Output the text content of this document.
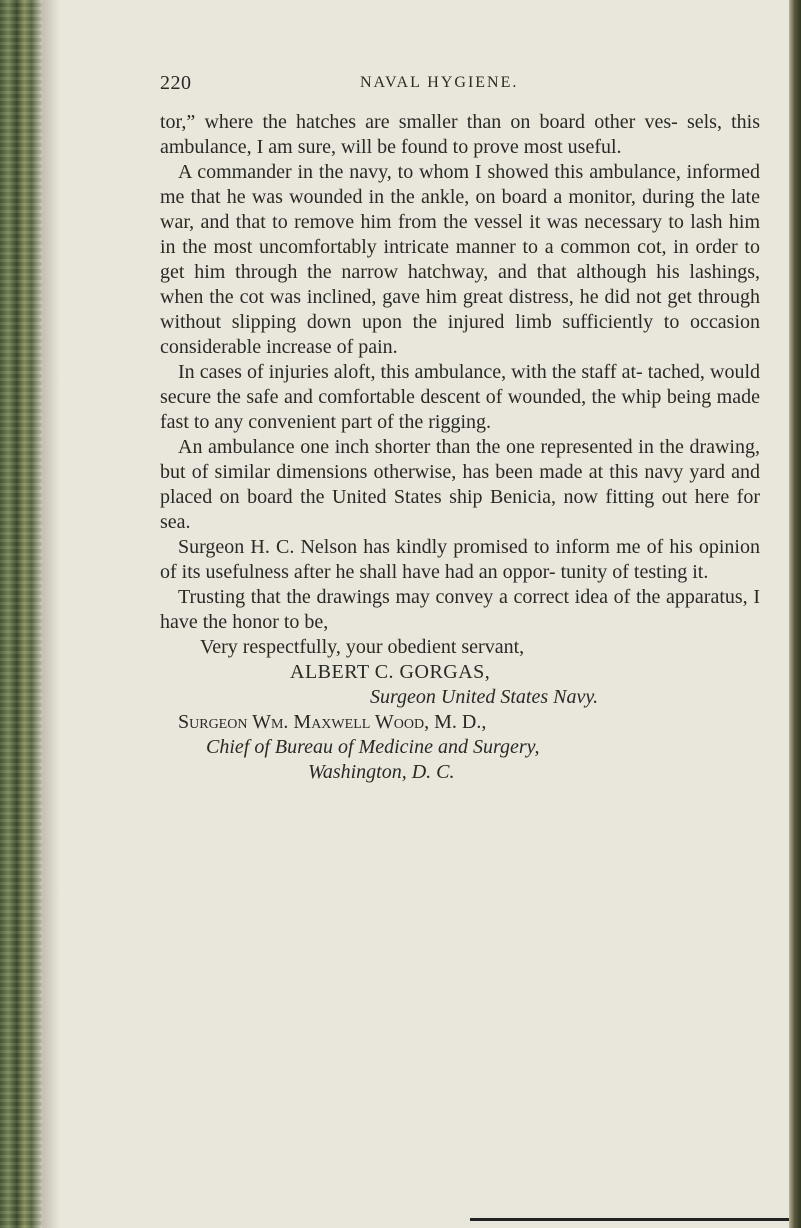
220	NAVAL HYGIENE.

tor,” where the hatches are smaller than on board other ves- sels, this ambulance, I am sure, will be found to prove most useful.

A commander in the navy, to whom I showed this ambulance, informed me that he was wounded in the ankle, on board a monitor, during the late war, and that to remove him from the vessel it was necessary to lash him in the most uncomfortably intricate manner to a common cot, in order to get him through the narrow hatchway, and that although his lashings, when the cot was inclined, gave him great distress, he did not get through without slipping down upon the injured limb sufficiently to occasion considerable increase of pain.

In cases of injuries aloft, this ambulance, with the staff at- tached, would secure the safe and comfortable descent of wounded, the whip being made fast to any convenient part of the rigging.

An ambulance one inch shorter than the one represented in the drawing, but of similar dimensions otherwise, has been made at this navy yard and placed on board the United States ship Benicia, now fitting out here for sea.

Surgeon H. C. Nelson has kindly promised to inform me of his opinion of its usefulness after he shall have had an oppor- tunity of testing it.

Trusting that the drawings may convey a correct idea of the apparatus, I have the honor to be,

Very respectfully, your obedient servant,
ALBERT C. GORGAS,
Surgeon United States Navy.
Surgeon Wm. Maxwell Wood, M. D.,
Chief of Bureau of Medicine and Surgery,
Washington, D. C.
